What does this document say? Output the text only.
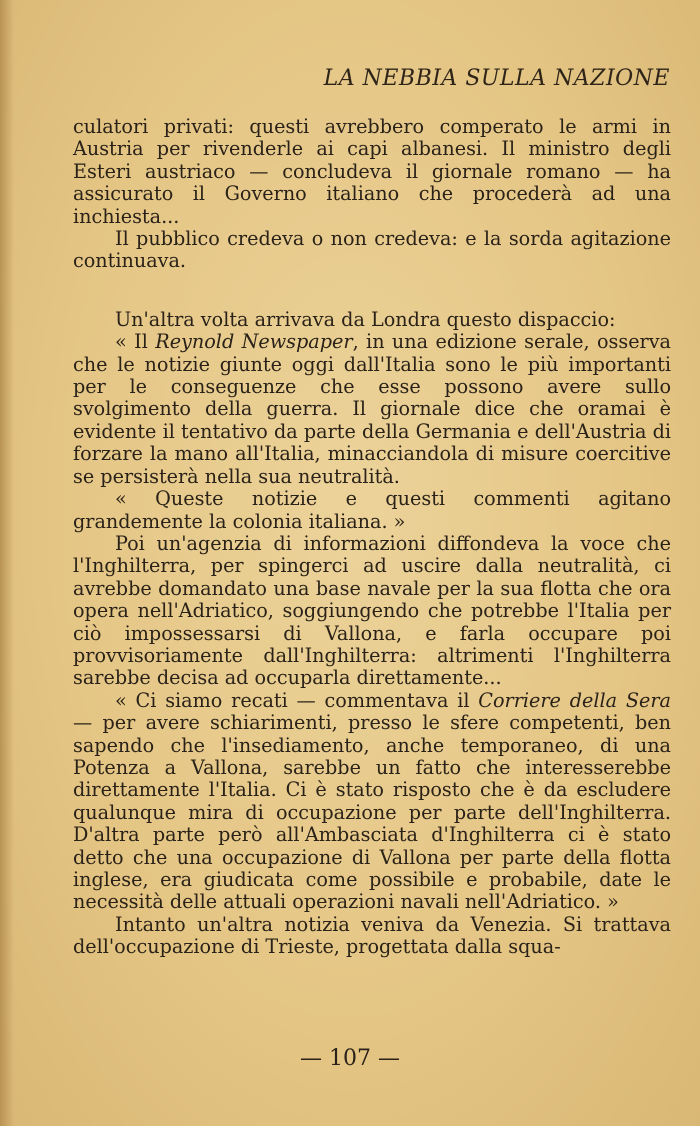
LA NEBBIA SULLA NAZIONE

culatori privati: questi avrebbero comperato le armi in Austria per rivenderle ai capi albanesi. Il ministro degli Esteri austriaco — concludeva il giornale romano — ha assicurato il Governo italiano che procederà ad una inchiesta...

Il pubblico credeva o non credeva: e la sorda agitazione continuava.

Un'altra volta arrivava da Londra questo dispaccio:

« Il Reynold Newspaper, in una edizione serale, osserva che le notizie giunte oggi dall'Italia sono le più importanti per le conseguenze che esse possono avere sullo svolgimento della guerra. Il giornale dice che oramai è evidente il tentativo da parte della Germania e dell'Austria di forzare la mano all'Italia, minacciandola di misure coercitive se persisterà nella sua neutralità.

« Queste notizie e questi commenti agitano grandemente la colonia italiana. »

Poi un'agenzia di informazioni diffondeva la voce che l'Inghilterra, per spingerci ad uscire dalla neutralità, ci avrebbe domandato una base navale per la sua flotta che ora opera nell'Adriatico, soggiungendo che potrebbe l'Italia per ciò impossessarsi di Vallona, e farla occupare poi provvisoriamente dall'Inghilterra: altrimenti l'Inghilterra sarebbe decisa ad occuparla direttamente...

« Ci siamo recati — commentava il Corriere della Sera — per avere schiarimenti, presso le sfere competenti, ben sapendo che l'insediamento, anche temporaneo, di una Potenza a Vallona, sarebbe un fatto che interesserebbe direttamente l'Italia. Ci è stato risposto che è da escludere qualunque mira di occupazione per parte dell'Inghilterra. D'altra parte però all'Ambasciata d'Inghilterra ci è stato detto che una occupazione di Vallona per parte della flotta inglese, era giudicata come possibile e probabile, date le necessità delle attuali operazioni navali nell'Adriatico. »

Intanto un'altra notizia veniva da Venezia. Si trattava dell'occupazione di Trieste, progettata dalla squa-

— 107 —
